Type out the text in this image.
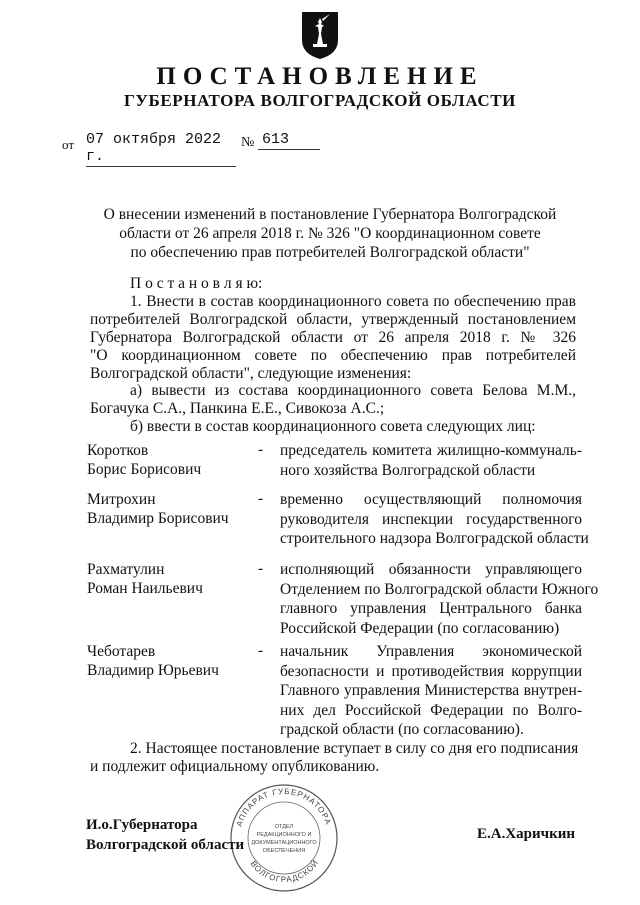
ПОСТАНОВЛЕНИЕ
ГУБЕРНАТОРА ВОЛГОГРАДСКОЙ ОБЛАСТИ
от 07 октября 2022 г.
№ 613
О внесении изменений в постановление Губернатора Волгоградской
области от 26 апреля 2018 г. № 326 "О координационном совете
по обеспечению прав потребителей Волгоградской области"
П о с т а н о в л я ю:
1. Внести в состав координационного совета по обеспечению прав
потребителей Волгоградской области, утвержденный постановлением
Губернатора Волгоградской области от 26 апреля 2018 г. № 326
"О координационном совете по обеспечению прав потребителей
Волгоградской области", следующие изменения:
а) вывести из состава координационного совета Белова М.М.,
Богачука С.А., Панкина Е.Е., Сивокоза А.С.;
б) ввести в состав координационного совета следующих лиц:
Коротков
Борис Борисович
- председатель комитета жилищно-коммуналь-
ного хозяйства Волгоградской области
Митрохин
Владимир Борисович
- временно осуществляющий полномочия
руководителя инспекции государственного
строительного надзора Волгоградской области
Рахматулин
Роман Наильевич
- исполняющий обязанности управляющего
Отделением по Волгоградской области Южного
главного управления Центрального банка
Российской Федерации (по согласованию)
Чеботарев
Владимир Юрьевич
- начальник Управления экономической
безопасности и противодействия коррупции
Главного управления Министерства внутрен-
них дел Российской Федерации по Волго-
градской области (по согласованию).
2. Настоящее постановление вступает в силу со дня его подписания
и подлежит официальному опубликованию.
АППАРАТ ГУБЕРНАТОРА
ВОЛГОГРАДСКОЙ
ОТДЕЛ
РЕДАКЦИОННОГО И
ДОКУМЕНТАЦИОННОГО
ОБЕСПЕЧЕНИЯ
И.о.Губернатора
Волгоградской области
Е.А.Харичкин
